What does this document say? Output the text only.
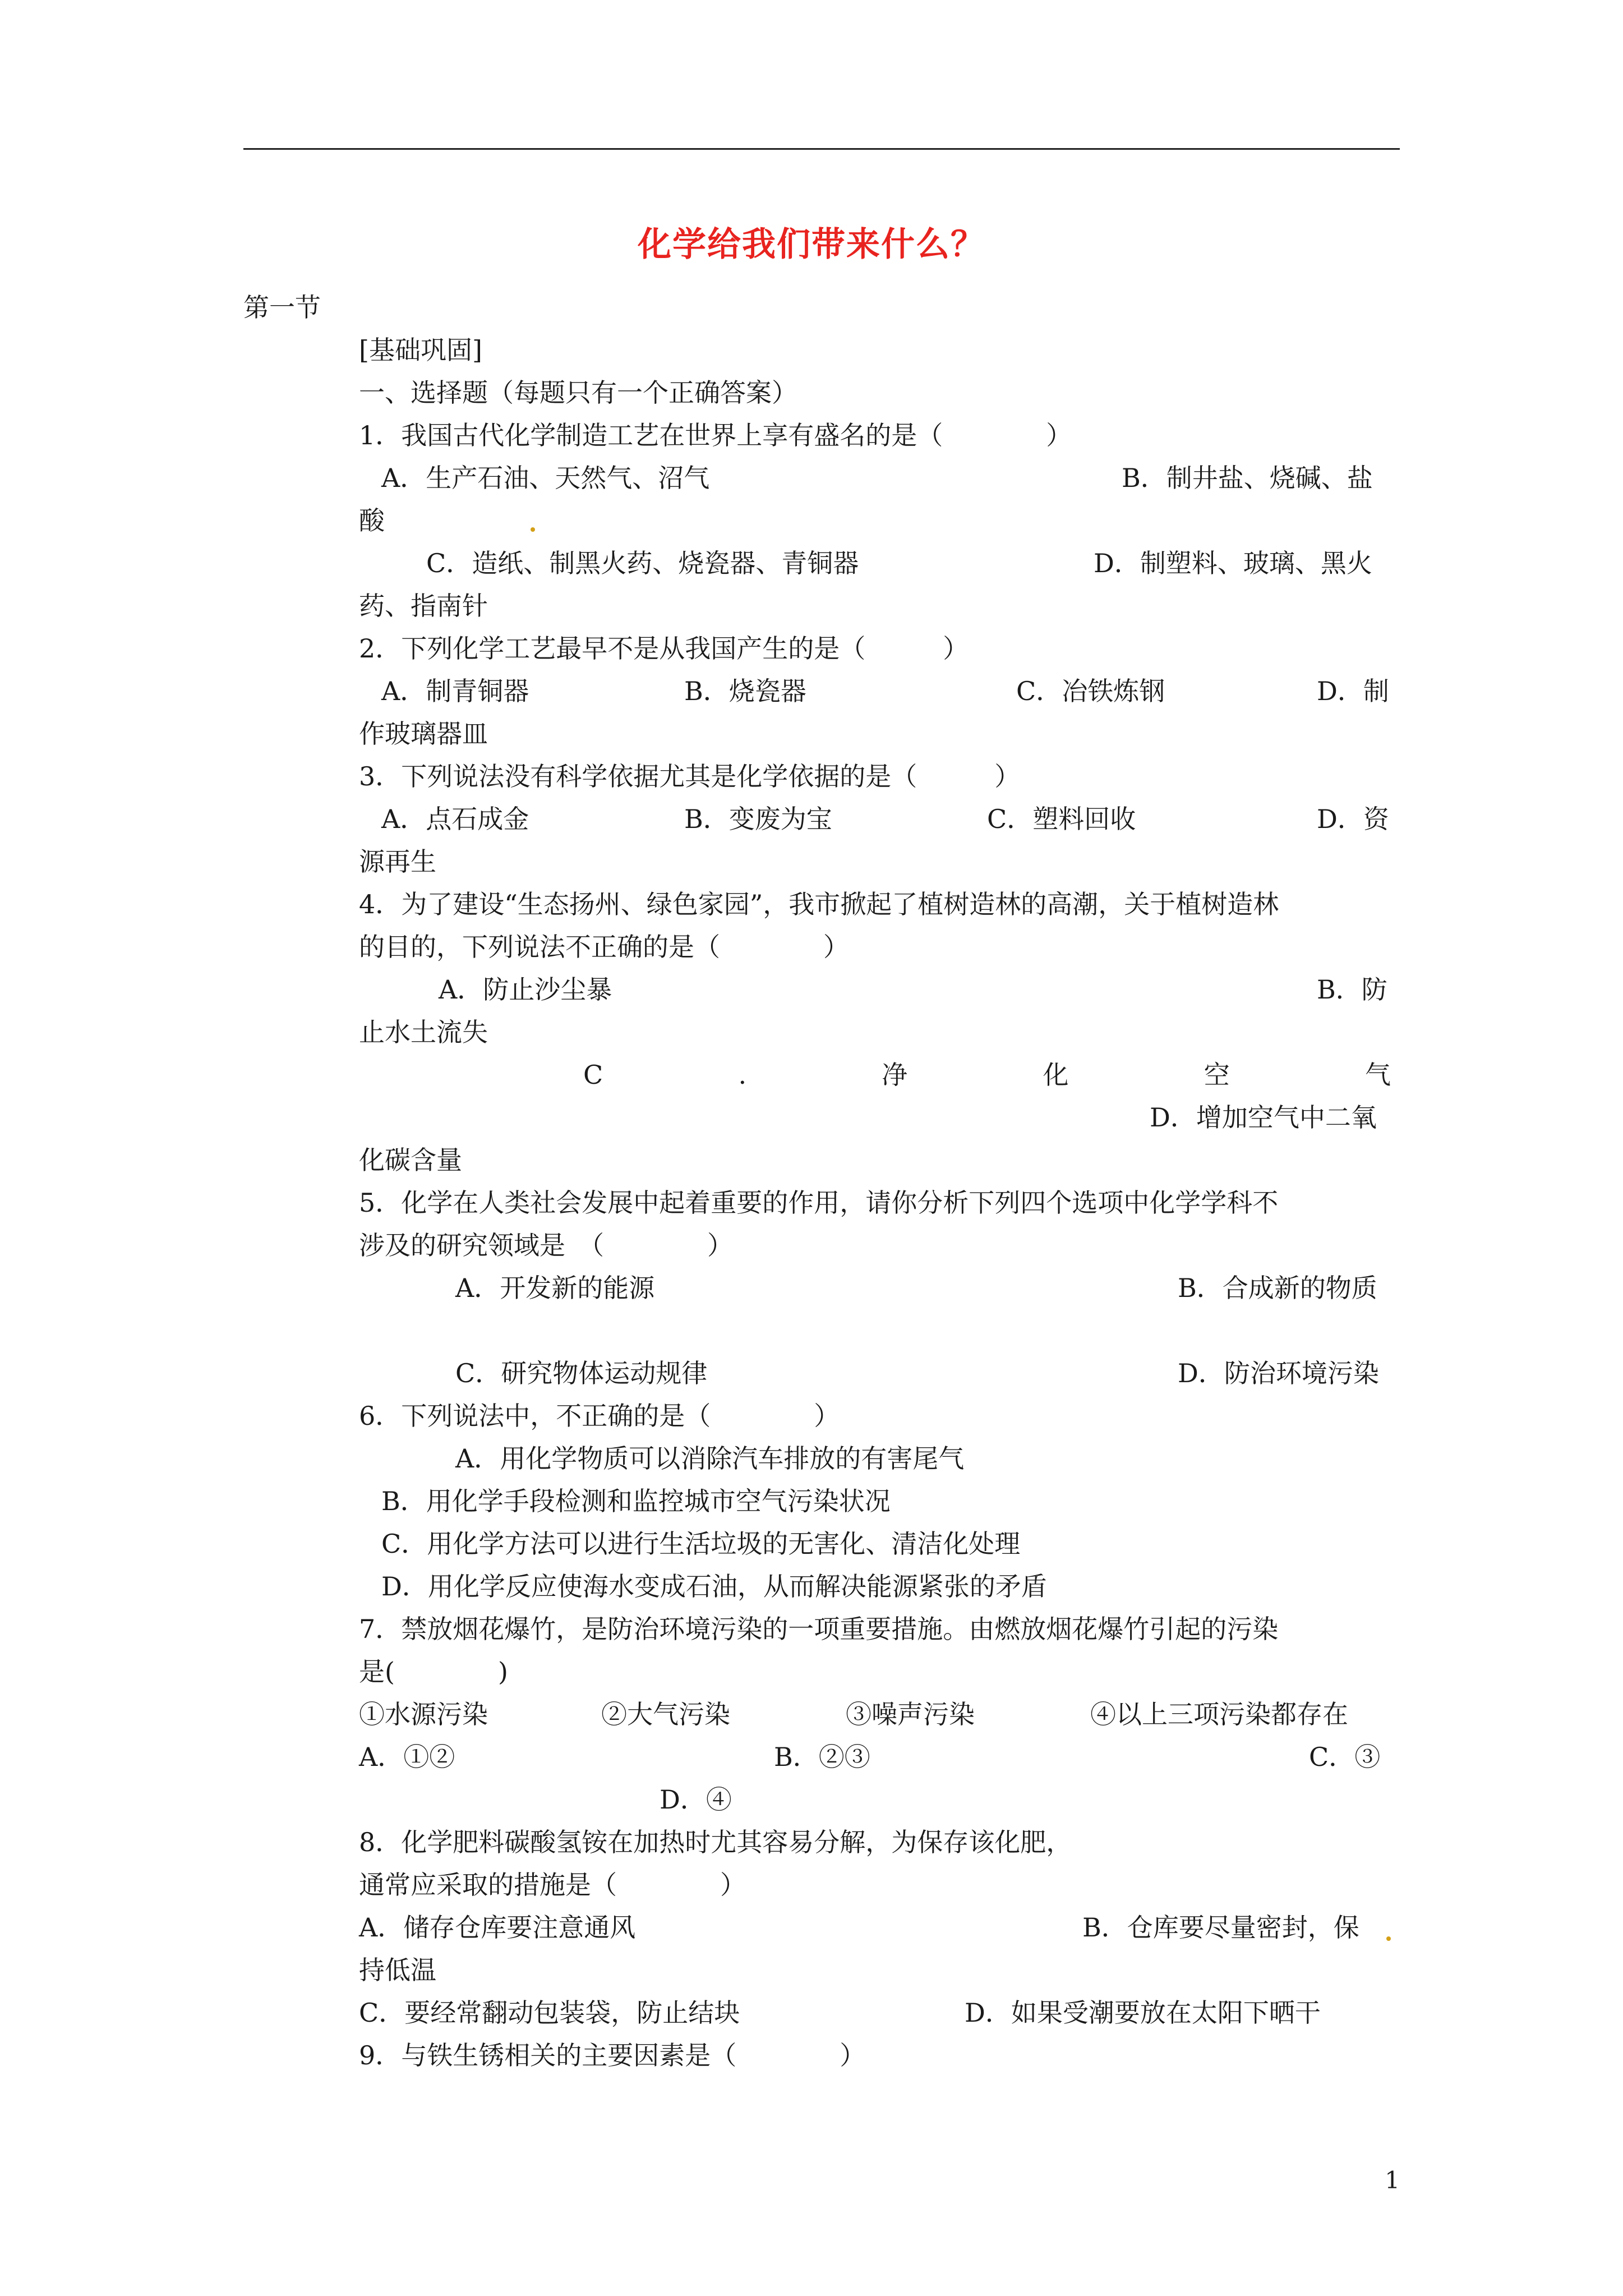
化学给我们带来什么？
第一节
[基础巩固]
一、选择题（每题只有一个正确答案）
1．我国古代化学制造工艺在世界上享有盛名的是（　　　　）
A．生产石油、天然气、沼气	B．制井盐、烧碱、盐
酸
C．造纸、制黑火药、烧瓷器、青铜器	D．制塑料、玻璃、黑火
药、指南针
2．下列化学工艺最早不是从我国产生的是（　　　）
A．制青铜器	B．烧瓷器	C．冶铁炼钢	D．制
作玻璃器皿
3．下列说法没有科学依据尤其是化学依据的是（　　　）
A．点石成金	B．变废为宝	C．塑料回收	D．资
源再生
4．为了建设“生态扬州、绿色家园”，我市掀起了植树造林的高潮，关于植树造林
的目的，下列说法不正确的是（　　　　）
A．防止沙尘暴	B．防
止水土流失
C	.	净	化	空	气
D．增加空气中二氧
化碳含量
5．化学在人类社会发展中起着重要的作用，请你分析下列四个选项中化学学科不
涉及的研究领域是　（　　　　）
A．开发新的能源	B．合成新的物质
C．研究物体运动规律	D．防治环境污染
6．下列说法中，不正确的是（　　　　）
A．用化学物质可以消除汽车排放的有害尾气
B．用化学手段检测和监控城市空气污染状况
C．用化学方法可以进行生活垃圾的无害化、清洁化处理
D．用化学反应使海水变成石油，从而解决能源紧张的矛盾
7．禁放烟花爆竹，是防治环境污染的一项重要措施。由燃放烟花爆竹引起的污染
是(　　　　)
①水源污染	②大气污染	③噪声污染	④以上三项污染都存在
A．①②	B．②③	C．③
D．④
8．化学肥料碳酸氢铵在加热时尤其容易分解，为保存该化肥，
通常应采取的措施是（　　　　）
A．储存仓库要注意通风	B．仓库要尽量密封，保
持低温
C．要经常翻动包装袋，防止结块	D．如果受潮要放在太阳下晒干
9．与铁生锈相关的主要因素是（　　　　）
1
